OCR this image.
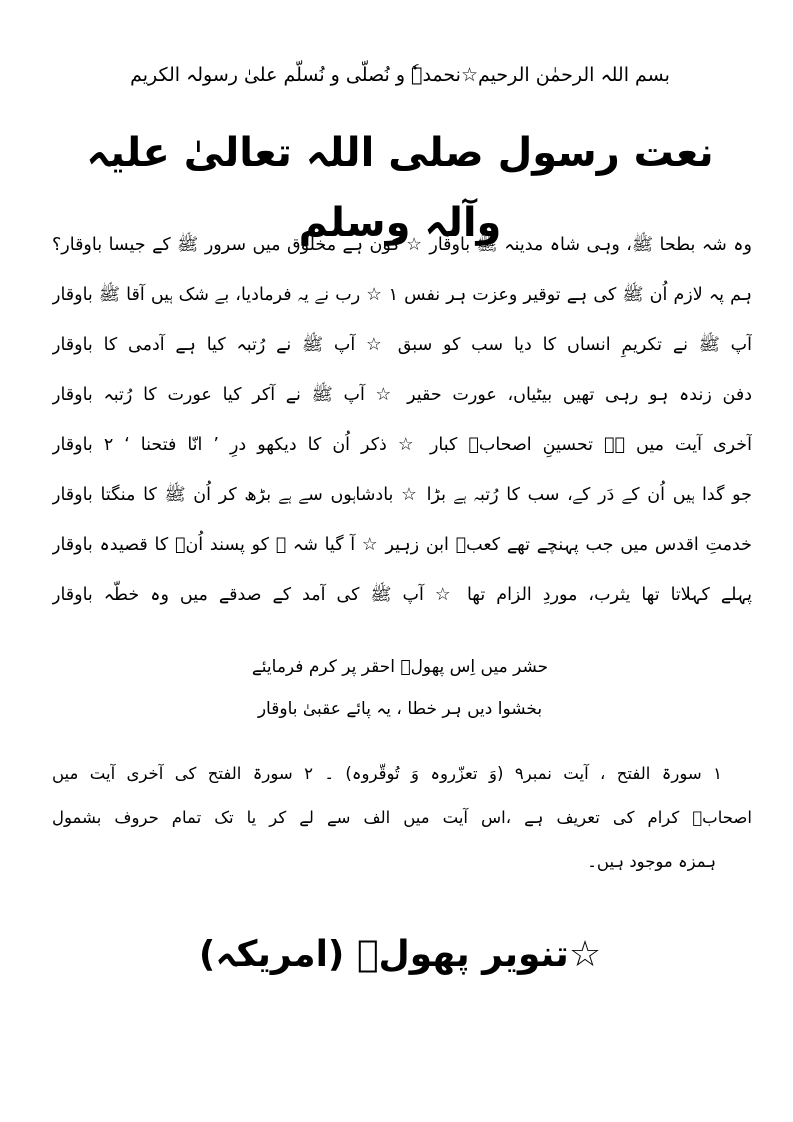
بسم اللہ الرحمٰن الرحیم☆نحمدہٗ و نُصلّی و نُسلّم علیٰ رسولہ الکریم
نعت رسول صلی اللہ تعالیٰ علیہ وآلہ وسلم
وہ شہ بطحا ﷺ، وہی شاہ مدینہ ﷺ باوقار ☆ کون ہے مخلوق میں سرور ﷺ کے جیسا باوقار؟
ہم پہ لازم اُن ﷺ کی ہے توقیر وعزت ہر نفس ۱ ☆ رب نے یہ فرمادیا، بے شک ہیں آقا ﷺ باوقار
آپ ﷺ نے تکریمِ انساں کا دیا سب کو سبق ☆ آپ ﷺ نے رُتبہ کیا ہے آدمی کا باوقار
دفن زندہ ہو رہی تھیں بیٹیاں، عورت حقیر ☆ آپ ﷺ نے آکر کیا عورت کا رُتبہ باوقار
آخری آیت میں ہے تحسینِ اصحابؓ کبار ☆ ذکر اُن کا دیکھو درِ ’ انّا فتحنا ‘ ۲ باوقار
جو گدا ہیں اُن کے دَر کے، سب کا رُتبہ ہے بڑا ☆ بادشاہوں سے ہے بڑھ کر اُن ﷺ کا منگتا باوقار
خدمتِ اقدس میں جب پہنچے تھے کعبؓ ابن زہیر ☆ آ گیا شہ ﷺ کو پسند اُنؓ کا قصیدہ باوقار
پہلے کہلاتا تھا یثرب، موردِ الزام تھا ☆ آپ ﷺ کی آمد کے صدقے میں وہ خطّہ باوقار
حشر میں اِس پھولؔ احقر پر کرم فرمایئے
بخشوا دیں ہر خطا ، یہ پائے عقبیٰ باوقار
۱ سورۃ الفتح ، آیت نمبر۹ (وَ تعزّروہ وَ تُوقّروہ) ۔ ۲ سورۃ الفتح کی آخری آیت میں
اصحابؓ کرام کی تعریف ہے ،اس آیت میں الف سے لے کر یا تک تمام حروف بشمول
ہمزہ موجود ہیں۔
☆تنویر پھولؔ (امریکہ)
